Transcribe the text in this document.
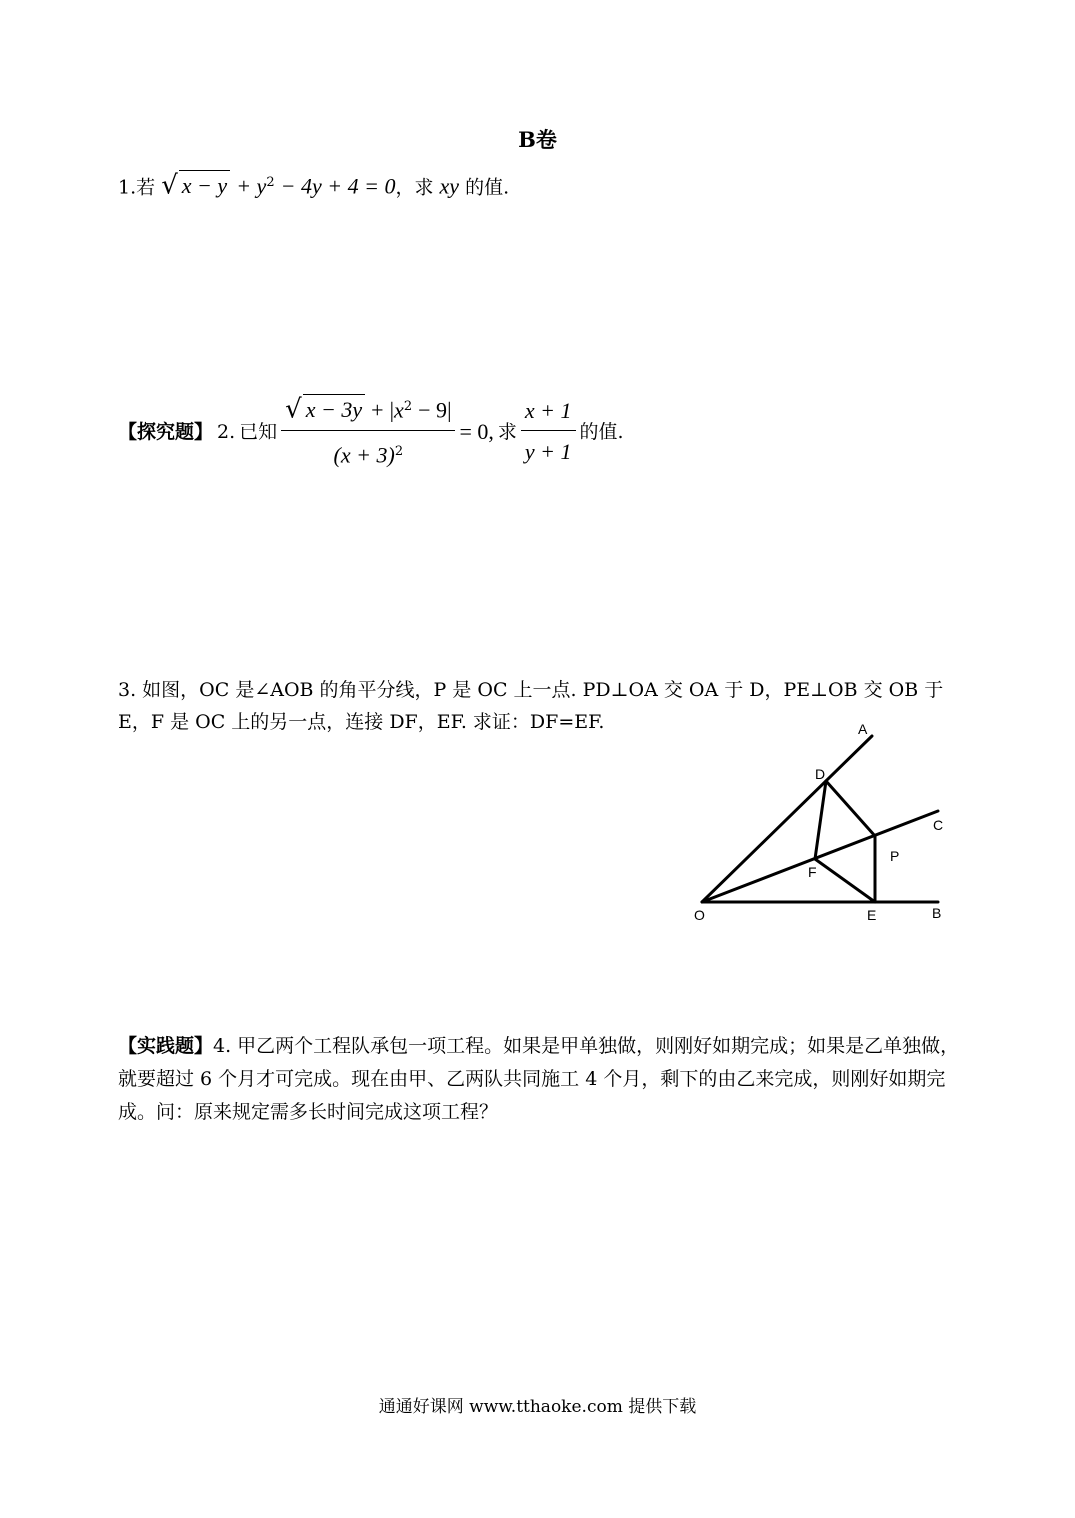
B卷
1.若 √ $x - y + y^2 - 4y + 4 = 0$，求 xy 的值.
【探究题】 2. 已知 $\frac{√ x - 3y + |x^2 - 9|}{(x + 3)^2} = 0$, 求 $\frac{x + 1}{y + 1}$ 的值.
3. 如图，OC 是∠AOB 的角平分线，P 是 OC 上一点. PD⊥OA 交 OA 于 D，PE⊥OB 交 OB 于 E，F 是 OC 上的另一点，连接 DF，EF. 求证：DF=EF.	A
D
C
P
F
O	E	B
【实践题】4. 甲乙两个工程队承包一项工程。如果是甲单独做，则刚好如期完成；如果是乙单独做，就要超过 6 个月才可完成。现在由甲、乙两队共同施工 4 个月，剩下的由乙来完成，则刚好如期完成。问：原来规定需多长时间完成这项工程？
通通好课网 www.tthaoke.com 提供下载
